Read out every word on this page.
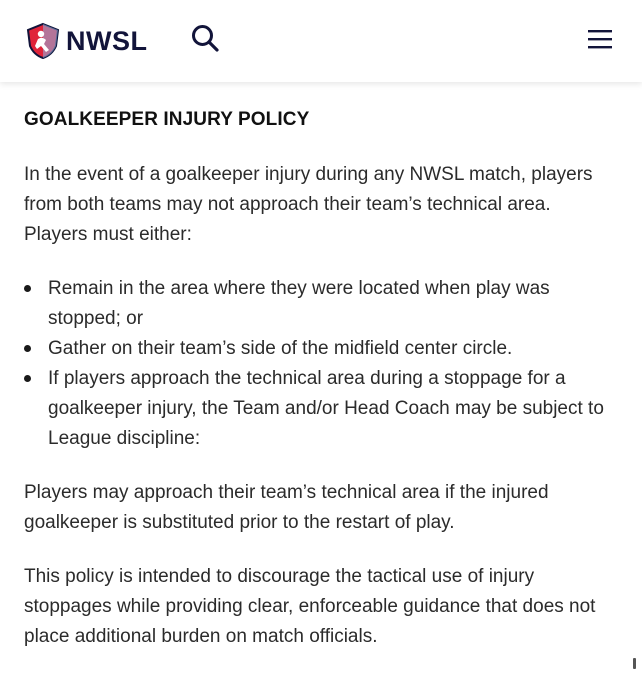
NWSL
GOALKEEPER INJURY POLICY

In the event of a goalkeeper injury during any NWSL match, players from both teams may not approach their team’s technical area. Players must either:

Remain in the area where they were located when play was stopped; or
Gather on their team’s side of the midfield center circle.
If players approach the technical area during a stoppage for a goalkeeper injury, the Team and/or Head Coach may be subject to League discipline:

Players may approach their team’s technical area if the injured goalkeeper is substituted prior to the restart of play.

This policy is intended to discourage the tactical use of injury stoppages while providing clear, enforceable guidance that does not place additional burden on match officials.
